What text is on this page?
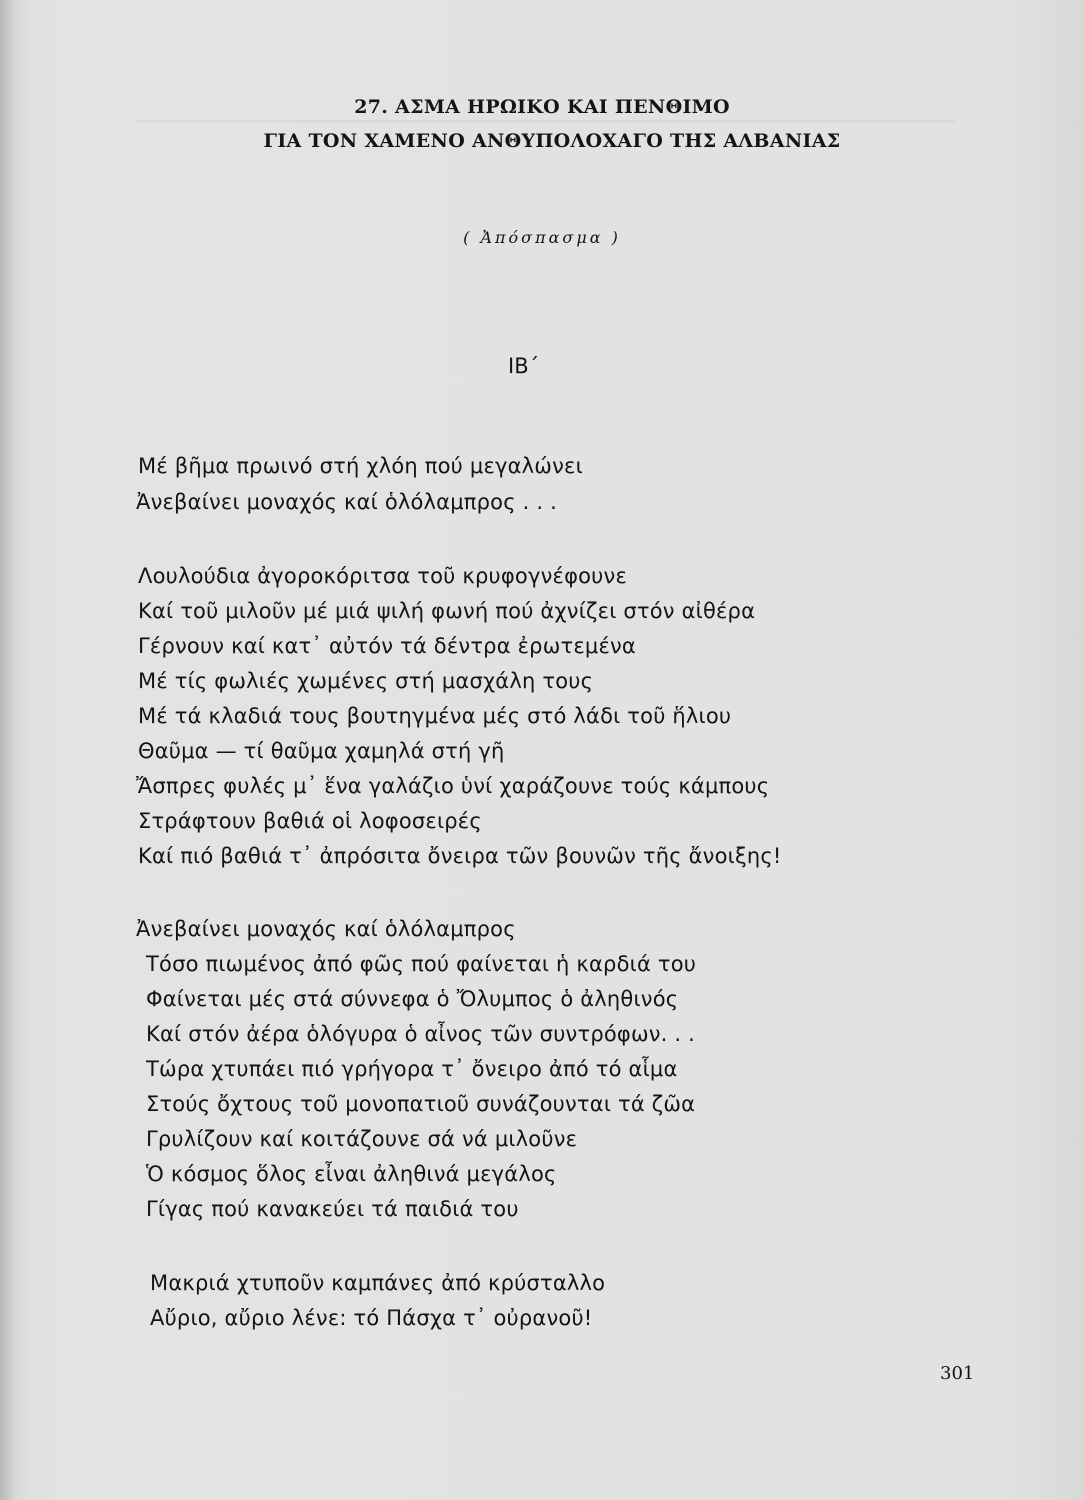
27. ΑΣΜΑ ΗΡΩΙΚΟ ΚΑΙ ΠΕΝΘΙΜΟ
ΓΙΑ ΤΟΝ ΧΑΜΕΝΟ ΑΝΘΥΠΟΛΟΧΑΓΟ ΤΗΣ ΑΛΒΑΝΙΑΣ
( Ἀπόσπασμα )
ΙΒ΄
Μέ βῆμα πρωινό στή χλόη πού μεγαλώνει
Ἀνεβαίνει μοναχός καί ὁλόλαμπρος . . .
Λουλούδια ἀγοροκόριτσα τοῦ κρυφογνέφουνε
Καί τοῦ μιλοῦν μέ μιά ψιλή φωνή πού ἀχνίζει στόν αἰθέρα
Γέρνουν καί κατ᾿ αὐτόν τά δέντρα ἐρωτεμένα
Μέ τίς φωλιές χωμένες στή μασχάλη τους
Μέ τά κλαδιά τους βουτηγμένα μές στό λάδι τοῦ ἥλιου
Θαῦμα — τί θαῦμα χαμηλά στή γῆ
Ἄσπρες φυλές μ᾿ ἕνα γαλάζιο ὑνί χαράζουνε τούς κάμπους
Στράφτουν βαθιά οἱ λοφοσειρές
Καί πιό βαθιά τ᾿ ἀπρόσιτα ὄνειρα τῶν βουνῶν τῆς ἄνοιξης!
Ἀνεβαίνει μοναχός καί ὁλόλαμπρος
Τόσο πιωμένος ἀπό φῶς πού φαίνεται ἡ καρδιά του
Φαίνεται μές στά σύννεφα ὁ Ὄλυμπος ὁ ἀληθινός
Καί στόν ἀέρα ὁλόγυρα ὁ αἶνος τῶν συντρόφων. . .
Τώρα χτυπάει πιό γρήγορα τ᾿ ὄνειρο ἀπό τό αἷμα
Στούς ὄχτους τοῦ μονοπατιοῦ συνάζουνται τά ζῶα
Γρυλίζουν καί κοιτάζουνε σά νά μιλοῦνε
Ὁ κόσμος ὅλος εἶναι ἀληθινά μεγάλος
Γίγας πού κανακεύει τά παιδιά του
Μακριά χτυποῦν καμπάνες ἀπό κρύσταλλο
Αὔριο, αὔριο λένε: τό Πάσχα τ᾿ οὐρανοῦ!
301
